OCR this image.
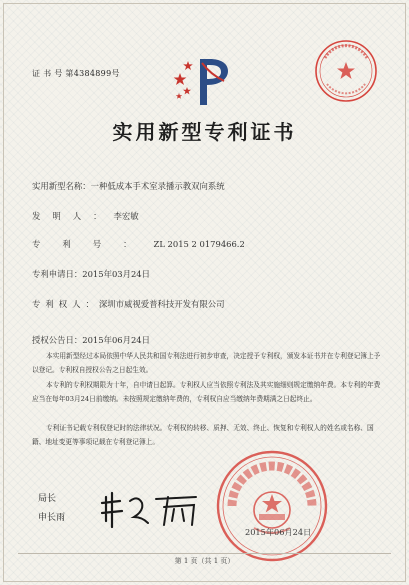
证 书 号 第4384899号
实用新型专利证书
实用新型名称：一种低成本手术室录播示教双向系统
发明人：李宏敏
专利号：ZL 2015 2 0179466.2
专利申请日：2015年03月24日
专利权人：深圳市威视爱普科技开发有限公司
授权公告日：2015年06月24日
本实用新型经过本局依照中华人民共和国专利法进行初步审查，决定授予专利权，颁发本证书并在专利登记簿上予以登记。专利权自授权公告之日起生效。
本专利的专利权期限为十年，自申请日起算。专利权人应当依照专利法及其实施细则规定缴纳年费。本专利的年费应当在每年03月24日前缴纳。未按照规定缴纳年费的，专利权自应当缴纳年费期满之日起终止。
专利证书记载专利权登记时的法律状况。专利权的转移、质押、无效、终止、恢复和专利权人的姓名或名称、国籍、地址变更等事项记载在专利登记簿上。
局长
申长雨
2015年06月24日
第 1 页（共 1 页）
